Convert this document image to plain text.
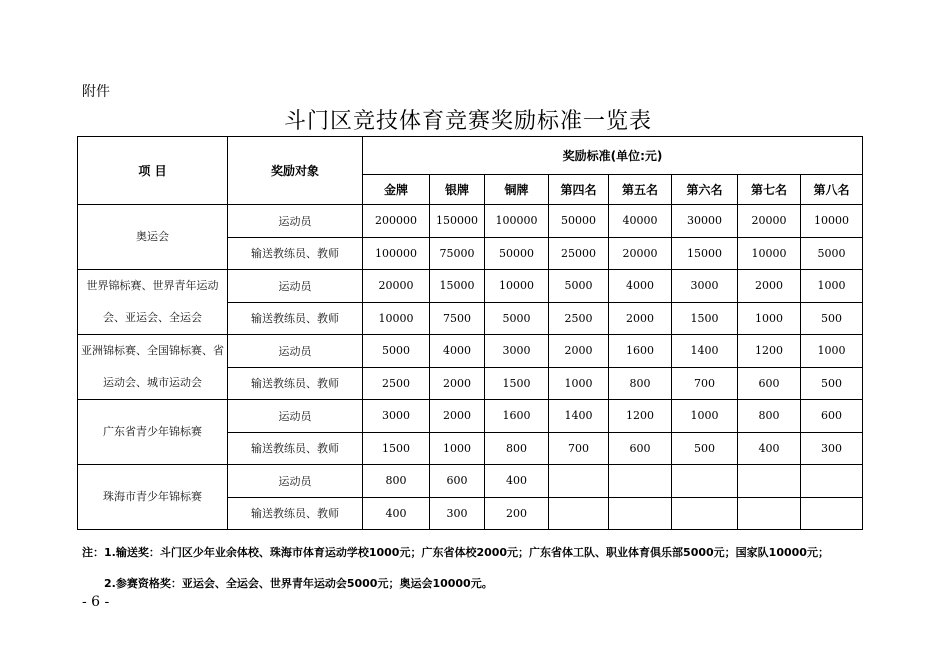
附件
斗门区竞技体育竞赛奖励标准一览表
项 目	奖励对象	奖励标准(单位:元)							
		金牌	银牌	铜牌	第四名	第五名	第六名	第七名	第八名
奥运会	运动员	200000	150000	100000	50000	40000	30000	20000	10000
	输送教练员、教师	100000	75000	50000	25000	20000	15000	10000	5000
世界锦标赛、世界青年运动会、亚运会、全运会	运动员	20000	15000	10000	5000	4000	3000	2000	1000
	输送教练员、教师	10000	7500	5000	2500	2000	1500	1000	500
亚洲锦标赛、全国锦标赛、省运动会、城市运动会	运动员	5000	4000	3000	2000	1600	1400	1200	1000
	输送教练员、教师	2500	2000	1500	1000	800	700	600	500
广东省青少年锦标赛	运动员	3000	2000	1600	1400	1200	1000	800	600
	输送教练员、教师	1500	1000	800	700	600	500	400	300
珠海市青少年锦标赛	运动员	800	600	400					
	输送教练员、教师	400	300	200					
注：1.输送奖：斗门区少年业余体校、珠海市体育运动学校1000元；广东省体校2000元；广东省体工队、职业体育俱乐部5000元；国家队10000元；
2.参赛资格奖：亚运会、全运会、世界青年运动会5000元；奥运会10000元。
- 6 -
